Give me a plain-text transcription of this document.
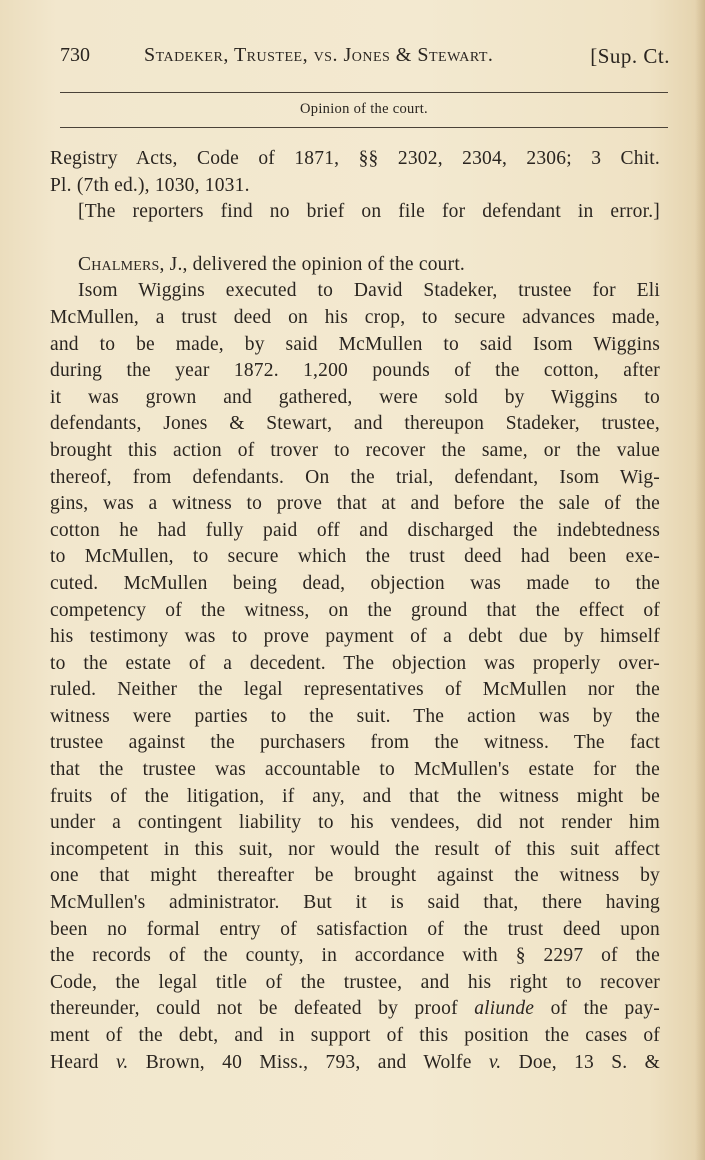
730	Stadeker, Trustee, vs. Jones & Stewart.	[Sup. Ct.
Opinion of the court.
Registry Acts, Code of 1871, §§ 2302, 2304, 2306; 3 Chit.
Pl. (7th ed.), 1030, 1031.
[The reporters find no brief on file for defendant in error.]
Chalmers, J., delivered the opinion of the court.
Isom Wiggins executed to David Stadeker, trustee for Eli
McMullen, a trust deed on his crop, to secure advances made,
and to be made, by said McMullen to said Isom Wiggins
during the year 1872. 1,200 pounds of the cotton, after
it was grown and gathered, were sold by Wiggins to
defendants, Jones & Stewart, and thereupon Stadeker, trustee,
brought this action of trover to recover the same, or the value
thereof, from defendants. On the trial, defendant, Isom Wig-
gins, was a witness to prove that at and before the sale of the
cotton he had fully paid off and discharged the indebtedness
to McMullen, to secure which the trust deed had been exe-
cuted. McMullen being dead, objection was made to the
competency of the witness, on the ground that the effect of
his testimony was to prove payment of a debt due by himself
to the estate of a decedent. The objection was properly over-
ruled. Neither the legal representatives of McMullen nor the
witness were parties to the suit. The action was by the
trustee against the purchasers from the witness. The fact
that the trustee was accountable to McMullen's estate for the
fruits of the litigation, if any, and that the witness might be
under a contingent liability to his vendees, did not render him
incompetent in this suit, nor would the result of this suit affect
one that might thereafter be brought against the witness by
McMullen's administrator. But it is said that, there having
been no formal entry of satisfaction of the trust deed upon
the records of the county, in accordance with § 2297 of the
Code, the legal title of the trustee, and his right to recover
thereunder, could not be defeated by proof aliunde of the pay-
ment of the debt, and in support of this position the cases of
Heard v. Brown, 40 Miss., 793, and Wolfe v. Doe, 13 S. &
